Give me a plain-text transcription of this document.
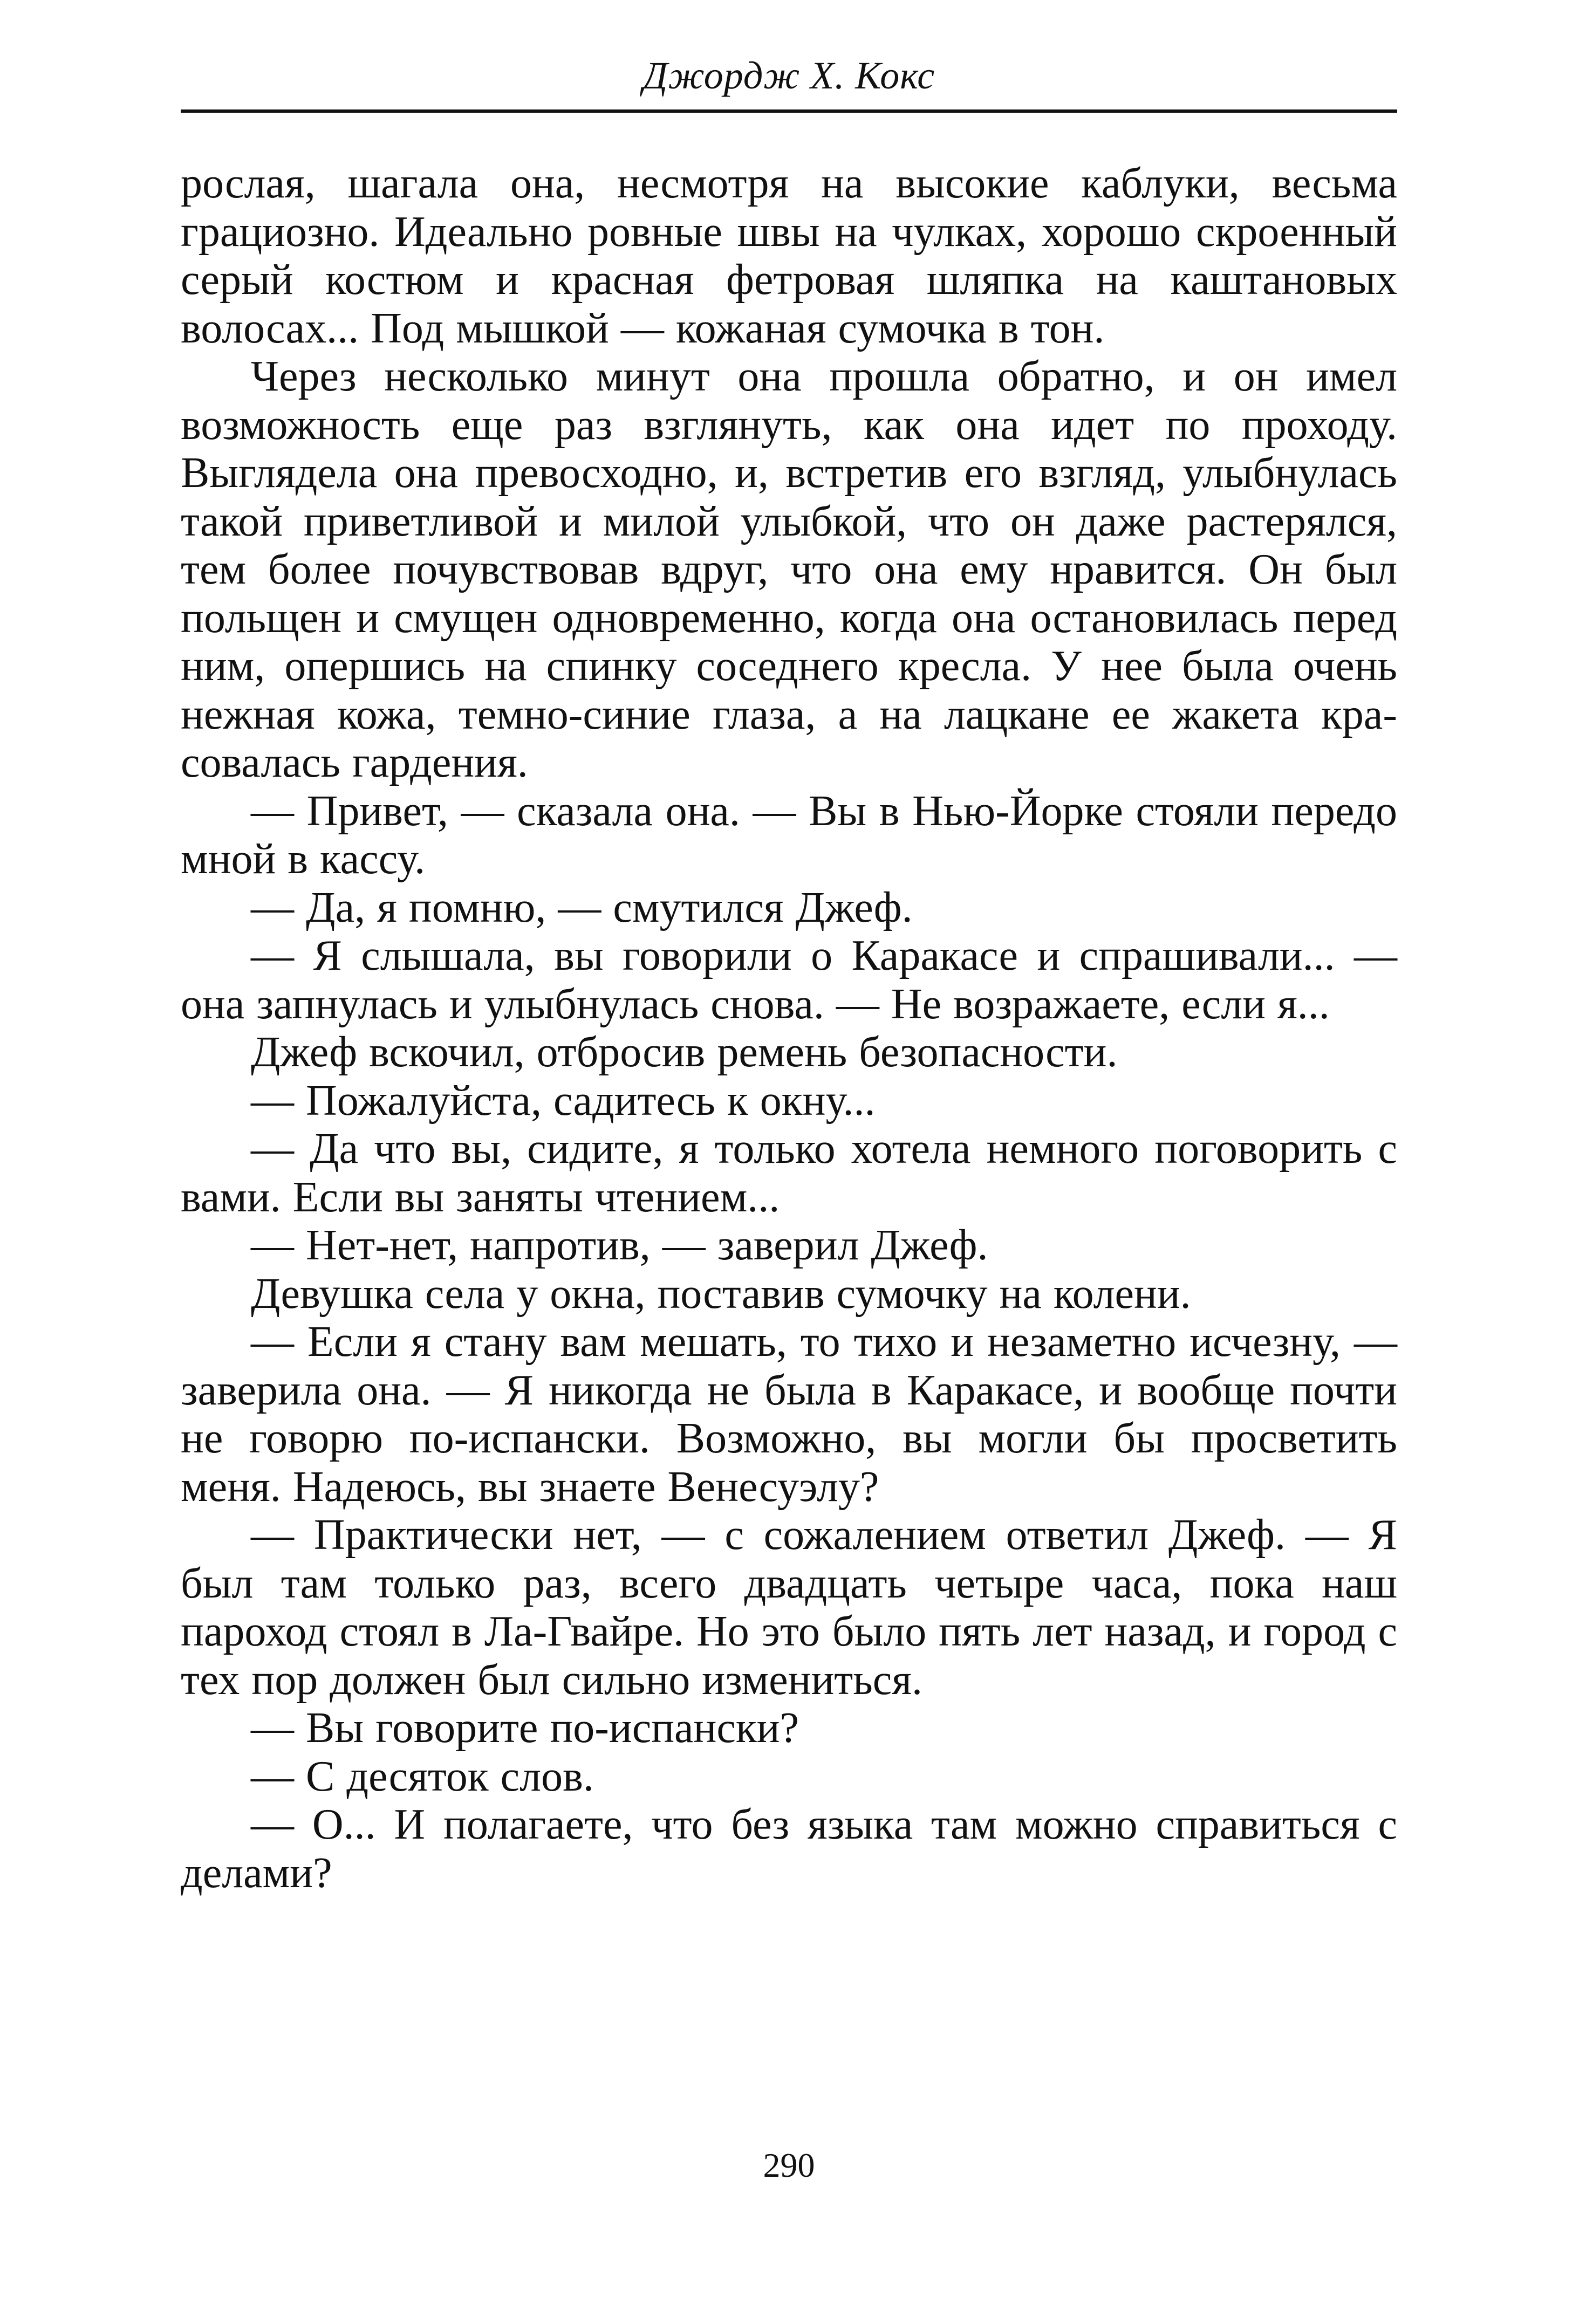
Джордж Х. Кокс

рослая, шагала она, несмотря на высокие каблуки, весьма грациозно. Идеально ровные швы на чулках, хорошо скроенный серый костюм и красная фетровая шляпка на каштановых волосах... Под мышкой — кожаная сумочка в тон.

Через несколько минут она прошла обратно, и он имел возможность еще раз взглянуть, как она идет по проходу. Выглядела она превосходно, и, встретив его взгляд, улыбнулась такой приветливой и милой улыбкой, что он даже растерялся, тем более почувствовав вдруг, что она ему нравится. Он был польщен и смущен одновременно, когда она остановилась перед ним, опершись на спинку соседнего кресла. У нее была очень нежная кожа, темно-синие глаза, а на лацкане ее жакета красовалась гардения.

— Привет, — сказала она. — Вы в Нью-Йорке стояли передо мной в кассу.

— Да, я помню, — смутился Джеф.

— Я слышала, вы говорили о Каракасе и спрашивали... — она запнулась и улыбнулась снова. — Не возражаете, если я...

Джеф вскочил, отбросив ремень безопасности.

— Пожалуйста, садитесь к окну...

— Да что вы, сидите, я только хотела немного поговорить с вами. Если вы заняты чтением...

— Нет-нет, напротив, — заверил Джеф.

Девушка села у окна, поставив сумочку на колени.

— Если я стану вам мешать, то тихо и незаметно исчезну, — заверила она. — Я никогда не была в Каракасе, и вообще почти не говорю по-испански. Возможно, вы могли бы просветить меня. Надеюсь, вы знаете Венесуэлу?

— Практически нет, — с сожалением ответил Джеф. — Я был там только раз, всего двадцать четыре часа, пока наш пароход стоял в Ла-Гвайре. Но это было пять лет назад, и город с тех пор должен был сильно измениться.

— Вы говорите по-испански?

— С десяток слов.

— О... И полагаете, что без языка там можно справиться с делами?

290
